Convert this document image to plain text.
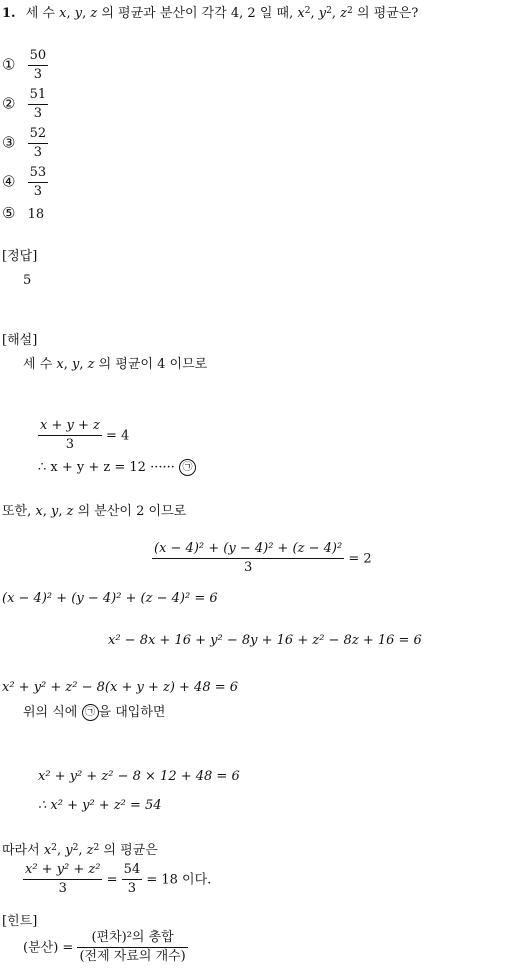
1. 세 수 x, y, z 의 평균과 분산이 각각 4, 2 일 때, $x^2$, $y^2$, $z^2$ 의 평균은?
① $\frac{50}{3}$
② $\frac{51}{3}$
③ $\frac{52}{3}$
④ $\frac{53}{3}$
⑤ 18
[정답]
5
[해설]
세 수 x, y, z 의 평균이 4 이므로
$\frac{x + y + z}{3} = 4$
∴ x + y + z = 12 ······ ㉠
또한, x, y, z 의 분산이 2 이므로
$\frac{\text{(x − 4)² + (y − 4)² + (z − 4)²}}{3} = 2$
(x − 4)² + (y − 4)² + (z − 4)² = 6
x² − 8x + 16 + y² − 8y + 16 + z² − 8z + 16 = 6
x² + y² + z² − 8(x + y + z) + 48 = 6
위의 식에 ㉠ 을 대입하면
x² + y² + z² − 8 × 12 + 48 = 6
∴ x² + y² + z² = 54
따라서 $x^2$, $y^2$, $z^2$ 의 평균은
$\frac{\text{x² + y² + z²}}{3} = \frac{54}{3} = 18$ 이다.
[힌트]
(분산) = $\frac{\text{(편차)²의 총합}}{\text{(전제 자료의 개수)}}$
